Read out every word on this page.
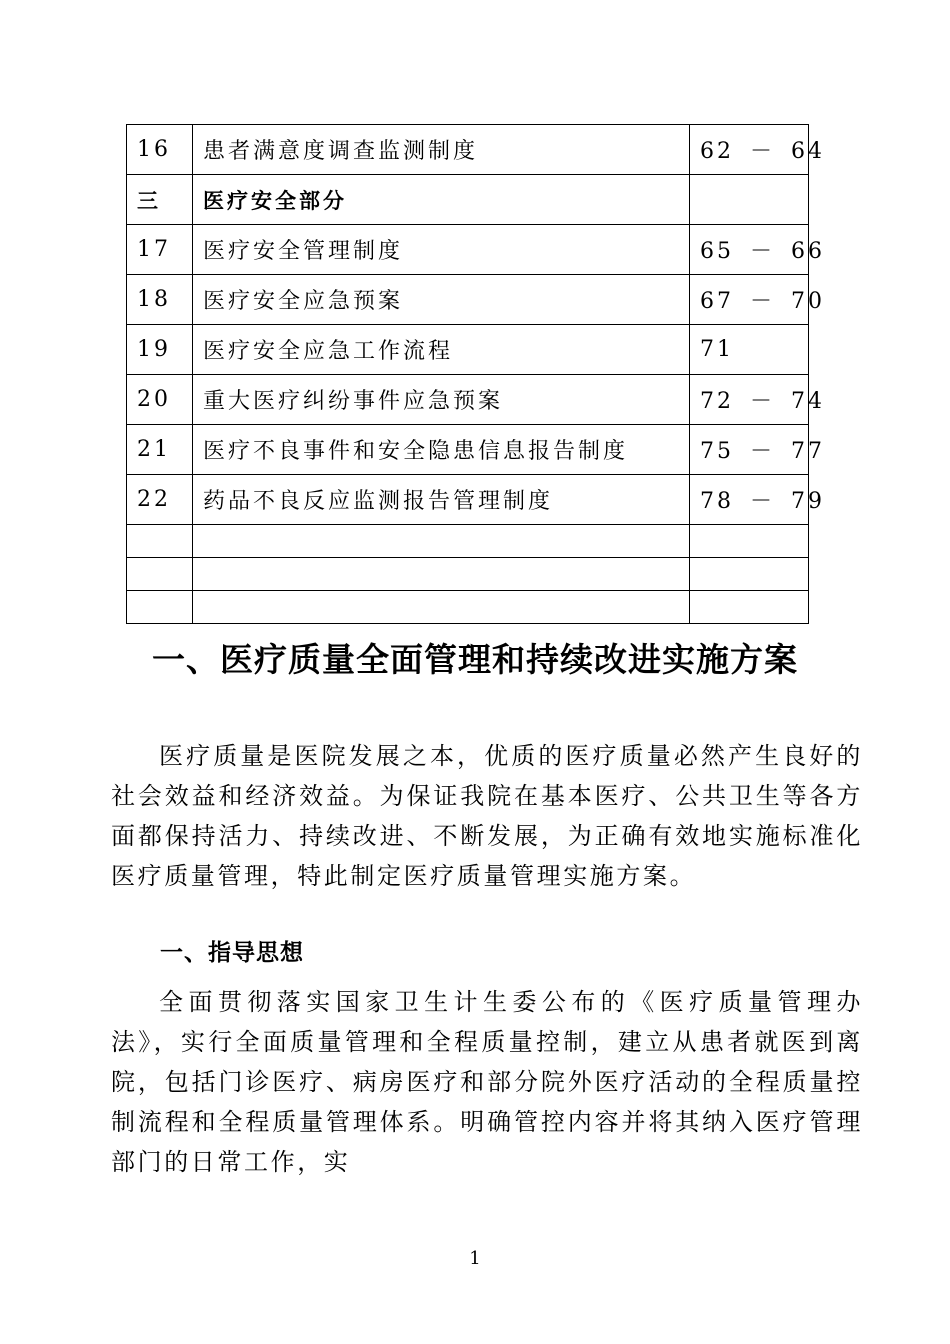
16	患者满意度调查监测制度	62 － 64
三	医疗安全部分	
17	医疗安全管理制度	65 － 66
18	医疗安全应急预案	67 － 70
19	医疗安全应急工作流程	71
20	重大医疗纠纷事件应急预案	72 － 74
21	医疗不良事件和安全隐患信息报告制度	75 － 77
22	药品不良反应监测报告管理制度	78 － 79

一、医疗质量全面管理和持续改进实施方案

医疗质量是医院发展之本，优质的医疗质量必然产生良好的社会效益和经济效益。为保证我院在基本医疗、公共卫生等各方面都保持活力、持续改进、不断发展，为正确有效地实施标准化医疗质量管理，特此制定医疗质量管理实施方案。

一、指导思想

全面贯彻落实国家卫生计生委公布的《医疗质量管理办法》，实行全面质量管理和全程质量控制，建立从患者就医到离院，包括门诊医疗、病房医疗和部分院外医疗活动的全程质量控制流程和全程质量管理体系。明确管控内容并将其纳入医疗管理部门的日常工作，实

1
